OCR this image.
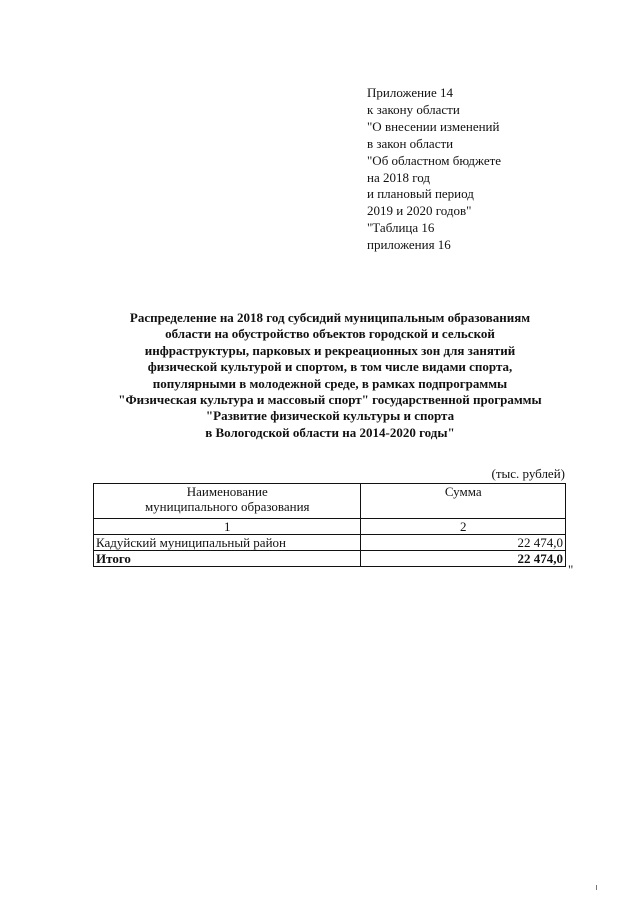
Приложение 14
к закону области
"О внесении изменений
в закон области
"Об областном бюджете
на 2018 год
и плановый период
2019 и 2020 годов"
"Таблица 16
приложения 16
Распределение на 2018 год субсидий муниципальным образованиям
области на обустройство объектов городской и сельской
инфраструктуры, парковых и рекреационных зон для занятий
физической культурой и спортом, в том числе видами спорта,
популярными в молодежной среде, в рамках подпрограммы
"Физическая культура и массовый спорт" государственной программы
"Развитие физической культуры и спорта
в Вологодской области на 2014-2020 годы"
(тыс. рублей)
Наименование
муниципального образования	Сумма
1	2
Кадуйский муниципальный район	22 474,0
Итого	22 474,0
"
